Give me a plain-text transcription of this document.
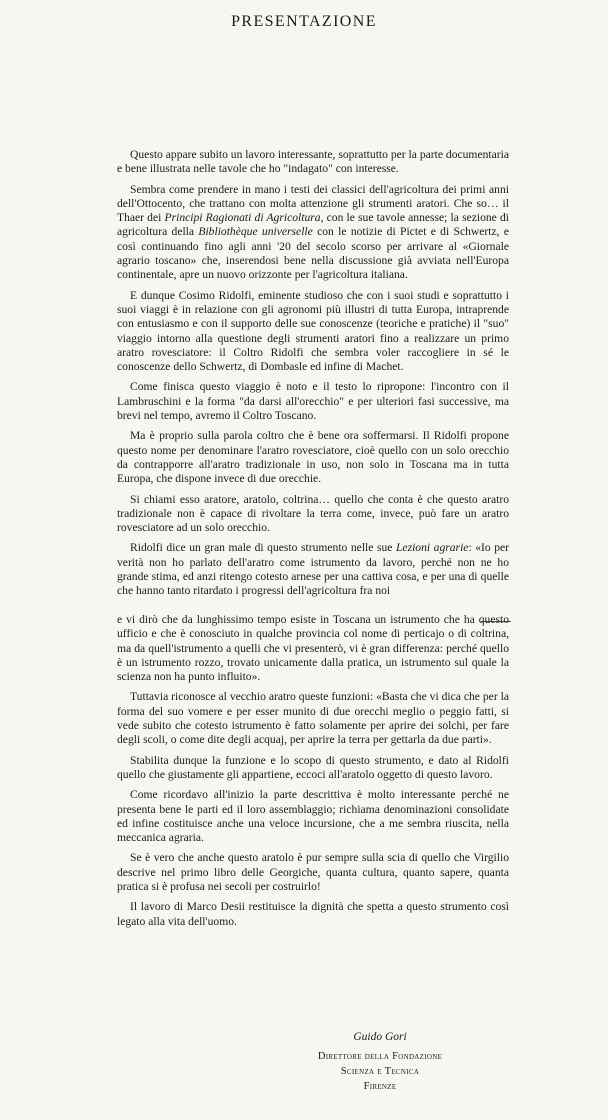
PRESENTAZIONE

Questo appare subito un lavoro interessante, soprattutto per la parte documentaria e bene illustrata nelle tavole che ho "indagato" con interesse.

Sembra come prendere in mano i testi dei classici dell'agricoltura dei primi anni dell'Ottocento, che trattano con molta attenzione gli strumenti aratori. Che so… il Thaer dei Principi Ragionati di Agricoltura, con le sue tavole annesse; la sezione di agricoltura della Bibliothèque universelle con le notizie di Pictet e di Schwertz, e così continuando fino agli anni '20 del secolo scorso per arrivare al «Giornale agrario toscano» che, inserendosi bene nella discussione già avviata nell'Europa continentale, apre un nuovo orizzonte per l'agricoltura italiana.

E dunque Cosimo Ridolfi, eminente studioso che con i suoi studi e soprattutto i suoi viaggi è in relazione con gli agronomi più illustri di tutta Europa, intraprende con entusiasmo e con il supporto delle sue conoscenze (teoriche e pratiche) il "suo" viaggio intorno alla questione degli strumenti aratori fino a realizzare un primo aratro rovesciatore: il Coltro Ridolfi che sembra voler raccogliere in sé le conoscenze dello Schwertz, di Dombasle ed infine di Machet.

Come finisca questo viaggio è noto e il testo lo ripropone: l'incontro con il Lambruschini e la forma "da darsi all'orecchio" e per ulteriori fasi successive, ma brevi nel tempo, avremo il Coltro Toscano.

Ma è proprio sulla parola coltro che è bene ora soffermarsi. Il Ridolfi propone questo nome per denominare l'aratro rovesciatore, cioè quello con un solo orecchio da contrapporre all'aratro tradizionale in uso, non solo in Toscana ma in tutta Europa, che dispone invece di due orecchie.

Si chiami esso aratore, aratolo, coltrina… quello che conta è che questo aratro tradizionale non è capace di rivoltare la terra come, invece, può fare un aratro rovesciatore ad un solo orecchio.

Ridolfi dice un gran male di questo strumento nelle sue Lezioni agrarie: «Io per verità non ho parlato dell'aratro come istrumento da lavoro, perché non ne ho grande stima, ed anzi ritengo cotesto arnese per una cattiva cosa, e per una di quelle che hanno tanto ritardato i progressi dell'agricoltura fra noi

e vi dirò che da lunghissimo tempo esiste in Toscana un istrumento che ha questo ufficio e che è conosciuto in qualche provincia col nome di perticajo o di coltrina, ma da quell'istrumento a quelli che vi presenterò, vi è gran differenza: perché quello è un istrumento rozzo, trovato unicamente dalla pratica, un istrumento sul quale la scienza non ha punto influito».

Tuttavia riconosce al vecchio aratro queste funzioni: «Basta che vi dica che per la forma del suo vomere e per esser munito di due orecchi meglio o peggio fatti, si vede subito che cotesto istrumento è fatto solamente per aprire dei solchi, per fare degli scoli, o come dite degli acquaj, per aprire la terra per gettarla da due parti».

Stabilita dunque la funzione e lo scopo di questo strumento, e dato al Ridolfi quello che giustamente gli appartiene, eccoci all'aratolo oggetto di questo lavoro.

Come ricordavo all'inizio la parte descrittiva è molto interessante perché ne presenta bene le parti ed il loro assemblaggio; richiama denominazioni consolidate ed infine costituisce anche una veloce incursione, che a me sembra riuscita, nella meccanica agraria.

Se è vero che anche questo aratolo è pur sempre sulla scia di quello che Virgilio descrive nel primo libro delle Georgiche, quanta cultura, quanto sapere, quanta pratica si è profusa nei secoli per costruirlo!

Il lavoro di Marco Desii restituisce la dignità che spetta a questo strumento così legato alla vita dell'uomo.

Guido Gori
Direttore della Fondazione
Scienza e Tecnica
Firenze
